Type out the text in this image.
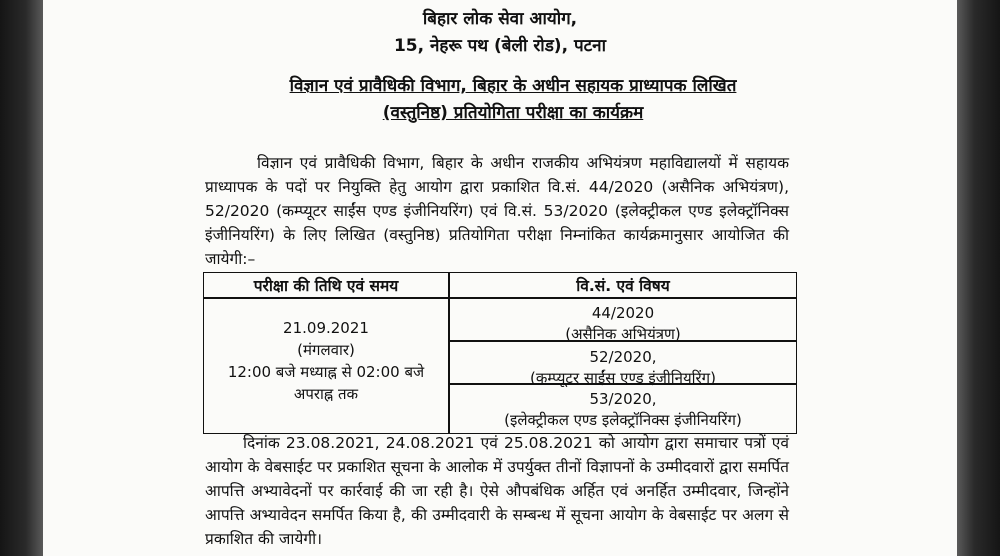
बिहार लोक सेवा आयोग,
15, नेहरू पथ (बेली रोड), पटना
विज्ञान एवं प्रावैधिकी विभाग, बिहार के अधीन सहायक प्राध्यापक लिखित
(वस्तुनिष्ठ) प्रतियोगिता परीक्षा का कार्यक्रम
विज्ञान एवं प्रावैधिकी विभाग, बिहार के अधीन राजकीय अभियंत्रण महाविद्यालयों में सहायक प्राध्यापक के पदों पर नियुक्ति हेतु आयोग द्वारा प्रकाशित वि.सं. 44/2020 (असैनिक अभियंत्रण), 52/2020 (कम्प्यूटर साईंस एण्ड इंजीनियरिंग) एवं वि.सं. 53/2020 (इलेक्ट्रीकल एण्ड इलेक्ट्रॉनिक्स इंजीनियरिंग) के लिए लिखित (वस्तुनिष्ठ) प्रतियोगिता परीक्षा निम्नांकित कार्यक्रमानुसार आयोजित की जायेगी:–
परीक्षा की तिथि एवं समय	वि.सं. एवं विषय
21.09.2021
(मंगलवार)
12:00 बजे मध्याह्न से 02:00 बजे
अपराह्न तक
44/2020
(असैनिक अभियंत्रण)
52/2020,
(कम्प्यूटर साईंस एण्ड इंजीनियरिंग)
53/2020,
(इलेक्ट्रीकल एण्ड इलेक्ट्रॉनिक्स इंजीनियरिंग)
दिनांक 23.08.2021, 24.08.2021 एवं 25.08.2021 को आयोग द्वारा समाचार पत्रों एवं आयोग के वेबसाईट पर प्रकाशित सूचना के आलोक में उपर्युक्त तीनों विज्ञापनों के उम्मीदवारों द्वारा समर्पित आपत्ति अभ्यावेदनों पर कार्रवाई की जा रही है। ऐसे औपबंधिक अर्हित एवं अनर्हित उम्मीदवार, जिन्होंने आपत्ति अभ्यावेदन समर्पित किया है, की उम्मीदवारी के सम्बन्ध में सूचना आयोग के वेबसाईट पर अलग से प्रकाशित की जायेगी।
